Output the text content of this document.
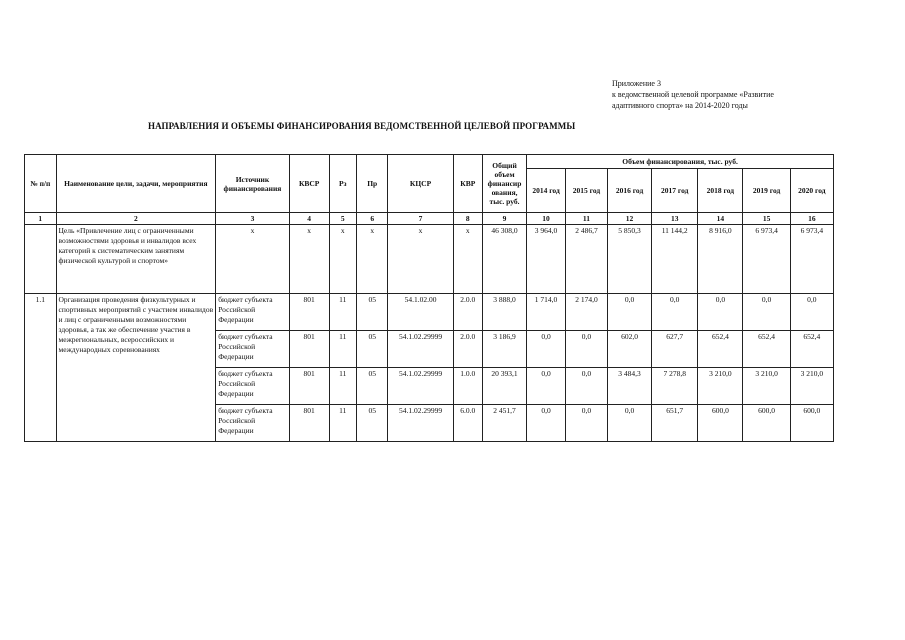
Приложение 3
к ведомственной целевой программе «Развитие
адаптивного спорта» на 2014-2020 годы
НАПРАВЛЕНИЯ И ОБЪЕМЫ ФИНАНСИРОВАНИЯ ВЕДОМСТВЕННОЙ ЦЕЛЕВОЙ ПРОГРАММЫ
№ п/п	Наименование цели, задачи, мероприятия	Источник финансирования	КВСР	Рз	Пр	КЦСР	КВР	Общий объем финансир ования, тыс. руб.	Объем финансирования, тыс. руб.						
									2014 год	2015 год	2016 год	2017 год	2018 год	2019 год	2020 год
1	2	3	4	5	6	7	8	9	10	11	12	13	14	15	16
	Цель «Привлечение лиц с ограниченными возможностями здоровья и инвалидов всех категорий к систематическим занятиям физической культурой и спортом»	х	х	х	х	х	х	46 308,0	3 964,0	2 486,7	5 850,3	11 144,2	8 916,0	6 973,4	6 973,4
1.1	Организация проведения физкультурных и спортивных мероприятий с участием инвалидов и лиц с ограниченными возможностями здоровья, а так же обеспечение участия в межрегиональных, всероссийских и международных соревнованиях	бюджет субъекта Российской Федерации	801	11	05	54.1.02.00	2.0.0	3 888,0	1 714,0	2 174,0	0,0	0,0	0,0	0,0	0,0
		бюджет субъекта Российской Федерации	801	11	05	54.1.02.29999	2.0.0	3 186,9	0,0	0,0	602,0	627,7	652,4	652,4	652,4
		бюджет субъекта Российской Федерации	801	11	05	54.1.02.29999	1.0.0	20 393,1	0,0	0,0	3 484,3	7 278,8	3 210,0	3 210,0	3 210,0
		бюджет субъекта Российской Федерации	801	11	05	54.1.02.29999	6.0.0	2 451,7	0,0	0,0	0,0	651,7	600,0	600,0	600,0
